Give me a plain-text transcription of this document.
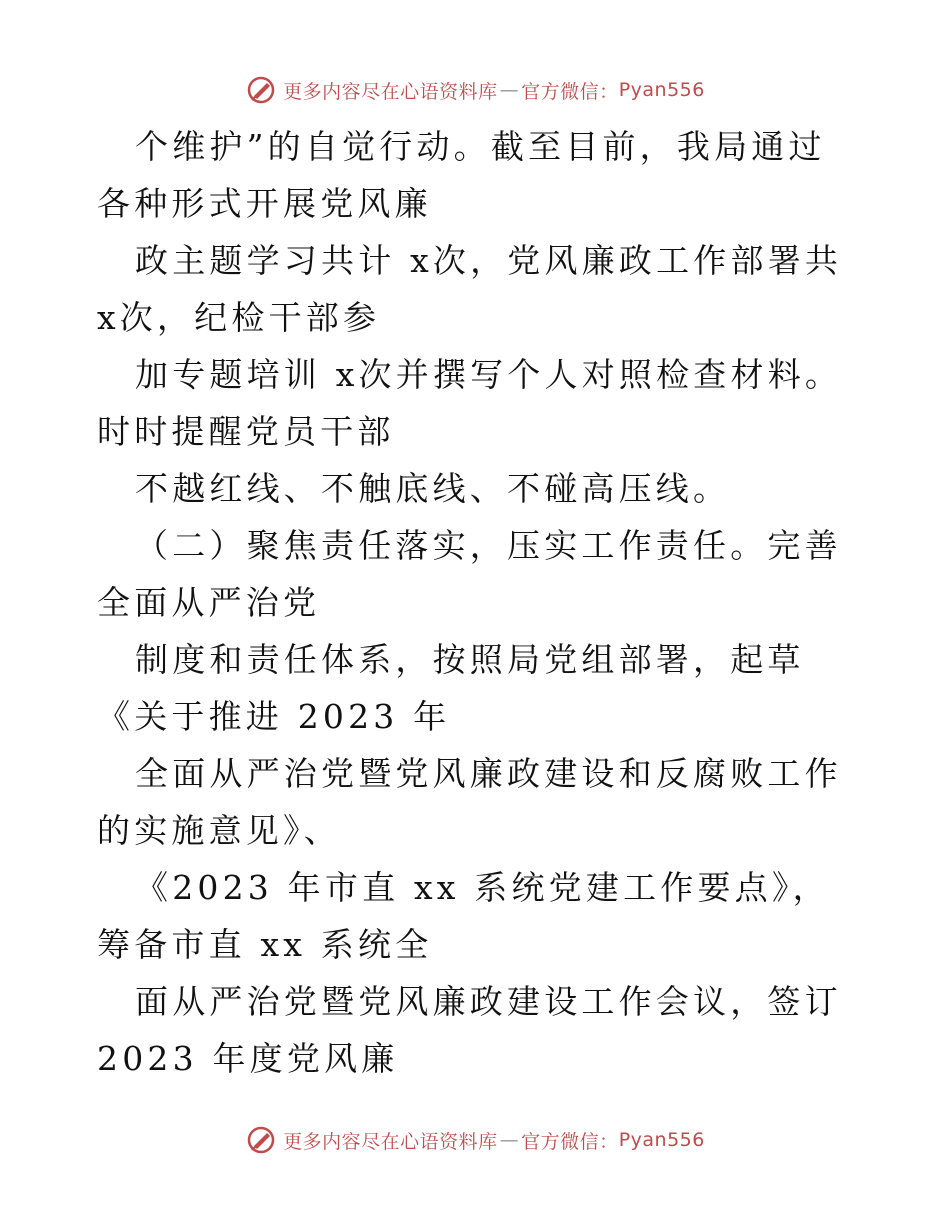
更多内容尽在心语资料库 — 官方微信： Pyan556

个维护”的自觉行动。截至目前，我局通过各种形式开展党风廉

政主题学习共计 x次，党风廉政工作部署共 x次，纪检干部参

加专题培训 x次并撰写个人对照检查材料。时时提醒党员干部

不越红线、不触底线、不碰高压线。

（二）聚焦责任落实，压实工作责任。完善全面从严治党

制度和责任体系，按照局党组部署，起草《关于推进 2023 年

全面从严治党暨党风廉政建设和反腐败工作的实施意见》、

《2023 年市直 xx 系统党建工作要点》，筹备市直 xx 系统全

面从严治党暨党风廉政建设工作会议，签订 2023 年度党风廉

更多内容尽在心语资料库 — 官方微信： Pyan556
